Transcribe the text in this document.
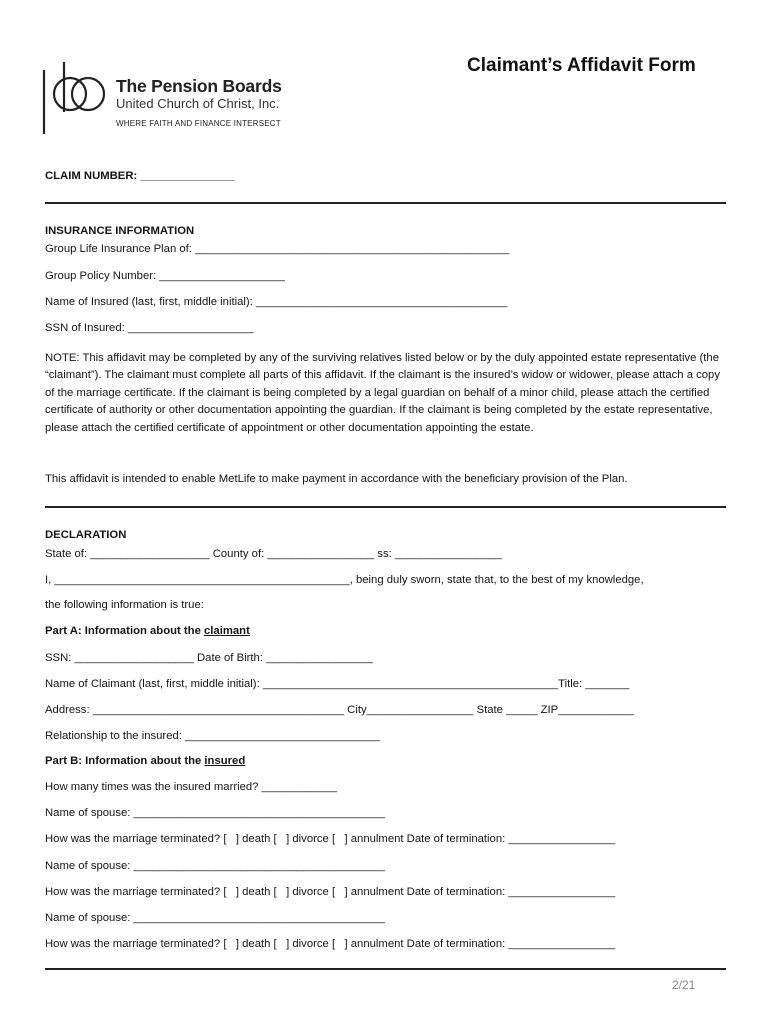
The Pension Boards
United Church of Christ, Inc.
WHERE FAITH AND FINANCE INTERSECT
Claimant’s Affidavit Form
CLAIM NUMBER: _______________
INSURANCE INFORMATION
Group Life Insurance Plan of: __________________________________________________
Group Policy Number: ____________________
Name of Insured (last, first, middle initial): ________________________________________
SSN of Insured: ____________________
NOTE: This affidavit may be completed by any of the surviving relatives listed below or by the duly appointed estate representative (the “claimant”). The claimant must complete all parts of this affidavit. If the claimant is the insured’s widow or widower, please attach a copy of the marriage certificate. If the claimant is being completed by a legal guardian on behalf of a minor child, please attach the certified certificate of authority or other documentation appointing the guardian. If the claimant is being completed by the estate representative, please attach the certified certificate of appointment or other documentation appointing the estate.
This affidavit is intended to enable MetLife to make payment in accordance with the beneficiary provision of the Plan.
DECLARATION
State of: ___________________ County of: _________________ ss: _________________
I, _______________________________________________, being duly sworn, state that, to the best of my knowledge,
the following information is true:
Part A: Information about the claimant
SSN: ___________________ Date of Birth: _________________
Name of Claimant (last, first, middle initial): _______________________________________________Title: _______
Address: ________________________________________ City_________________ State _____ ZIP____________
Relationship to the insured: _______________________________
Part B: Information about the insured
How many times was the insured married? ____________
Name of spouse: ________________________________________
How was the marriage terminated? [   ] death [   ] divorce [   ] annulment Date of termination: _________________
Name of spouse: ________________________________________
How was the marriage terminated? [   ] death [   ] divorce [   ] annulment Date of termination: _________________
Name of spouse: ________________________________________
How was the marriage terminated? [   ] death [   ] divorce [   ] annulment Date of termination: _________________
2/21
